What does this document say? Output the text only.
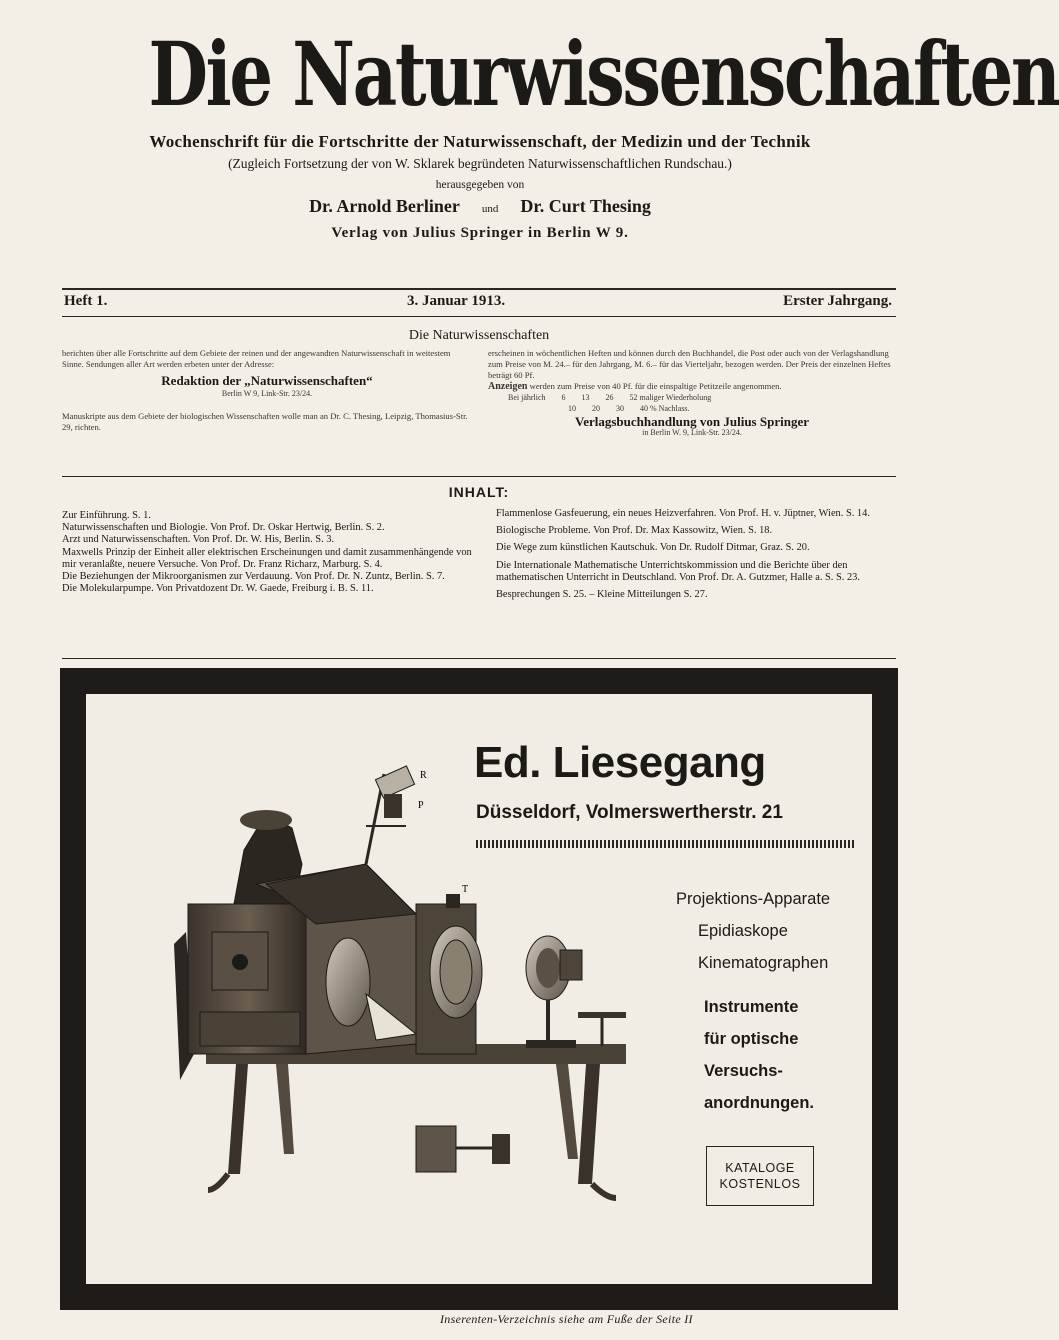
Die Naturwissenschaften
Wochenschrift für die Fortschritte der Naturwissenschaft, der Medizin und der Technik
(Zugleich Fortsetzung der von W. Sklarek begründeten Naturwissenschaftlichen Rundschau.)
herausgegeben von
Dr. Arnold Berliner und Dr. Curt Thesing
Verlag von Julius Springer in Berlin W 9.
Heft 1.	3. Januar 1913.	Erster Jahrgang.
Die Naturwissenschaften
berichten über alle Fortschritte auf dem Gebiete der reinen und der angewandten Naturwissenschaft in weitestem Sinne. Sendungen aller Art werden erbeten unter der Adresse:
Redaktion der „Naturwissenschaften“
Berlin W 9, Link-Str. 23/24.
Manuskripte aus dem Gebiete der biologischen Wissenschaften wolle man an Dr. C. Thesing, Leipzig, Thomasius-Str. 29, richten.
erscheinen in wöchentlichen Heften und können durch den Buchhandel, die Post oder auch von der Verlagshandlung zum Preise von M. 24.– für den Jahrgang, M. 6.– für das Vierteljahr, bezogen werden. Der Preis der einzelnen Heftes beträgt 60 Pf.
Anzeigen werden zum Preise von 40 Pf. für die einspaltige Petitzeile angenommen.
Bei jährlich 6 13 26 52 maliger Wiederholung
10 20 30 40 % Nachlass.
Verlagsbuchhandlung von Julius Springer
in Berlin W. 9, Link-Str. 23/24.
INHALT:

Zur Einführung. S. 1.

Naturwissenschaften und Biologie. Von Prof. Dr. Oskar Hertwig, Berlin. S. 2.

Arzt und Naturwissenschaften. Von Prof. Dr. W. His, Berlin. S. 3.

Maxwells Prinzip der Einheit aller elektrischen Erscheinungen und damit zusammenhängende von mir veranlaßte, neuere Versuche. Von Prof. Dr. Franz Richarz, Marburg. S. 4.

Die Beziehungen der Mikroorganismen zur Verdauung. Von Prof. Dr. N. Zuntz, Berlin. S. 7.

Die Molekularpumpe. Von Privatdozent Dr. W. Gaede, Freiburg i. B. S. 11.

Flammenlose Gasfeuerung, ein neues Heizverfahren. Von Prof. H. v. Jüptner, Wien. S. 14.

Biologische Probleme. Von Prof. Dr. Max Kassowitz, Wien. S. 18.

Die Wege zum künstlichen Kautschuk. Von Dr. Rudolf Ditmar, Graz. S. 20.

Die Internationale Mathematische Unterrichtskommission und die Berichte über den mathematischen Unterricht in Deutschland. Von Prof. Dr. A. Gutzmer, Halle a. S. S. 23.

Besprechungen S. 25. – Kleine Mitteilungen S. 27.

Ed. Liesegang
Düsseldorf, Volmerswertherstr. 21
Projektions-Apparate
Epidiaskope
Kinematographen
Instrumente
für optische
Versuchs-
anordnungen.
KATALOGE
KOSTENLOS
R
P
T
Inserenten-Verzeichnis siehe am Fuße der Seite II
